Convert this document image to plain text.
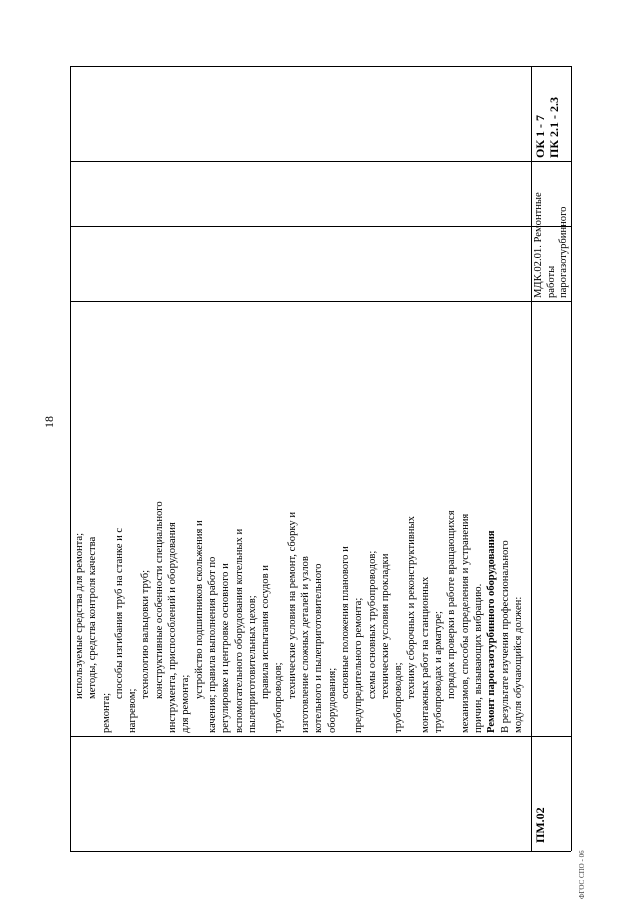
18

используемые средства для ремонта; методы, средства контроля качества

ремонта;

способы изгибания труб на станке и с

нагревом;

технологию вальцовки труб; конструктивные особенности специального инструмента, приспособлений и оборудования для ремонта;

устройство подшипников скольжения и качения; правила выполнения работ по регулировке и центровке основного и вспомогательного оборудования котельных и пылеприготовительных цехов; правила испытания сосудов и трубопроводов; технические условия на ремонт, сборку и изготовление сложных деталей и узлов котельного и пылеприготовительного оборудования;

основные положения планового и предупредительного ремонта; схемы основных трубопроводов; технические условия прокладки трубопроводов; технику сборочных и реконструктивных монтажных работ на станционных трубопроводах и арматуре; порядок проверки в работе вращающихся механизмов, способы определения и устранения причин, вызывающих вибрацию. Ремонт парогазотурбинного оборудования В результате изучения профессионального модуля обучающийся должен:

ПМ.02
МДК.02.01. Ремонтные работы парогазотурбинного
ОК 1 - 7 ПК 2.1 - 2.3
ФГОС СПО - 06
